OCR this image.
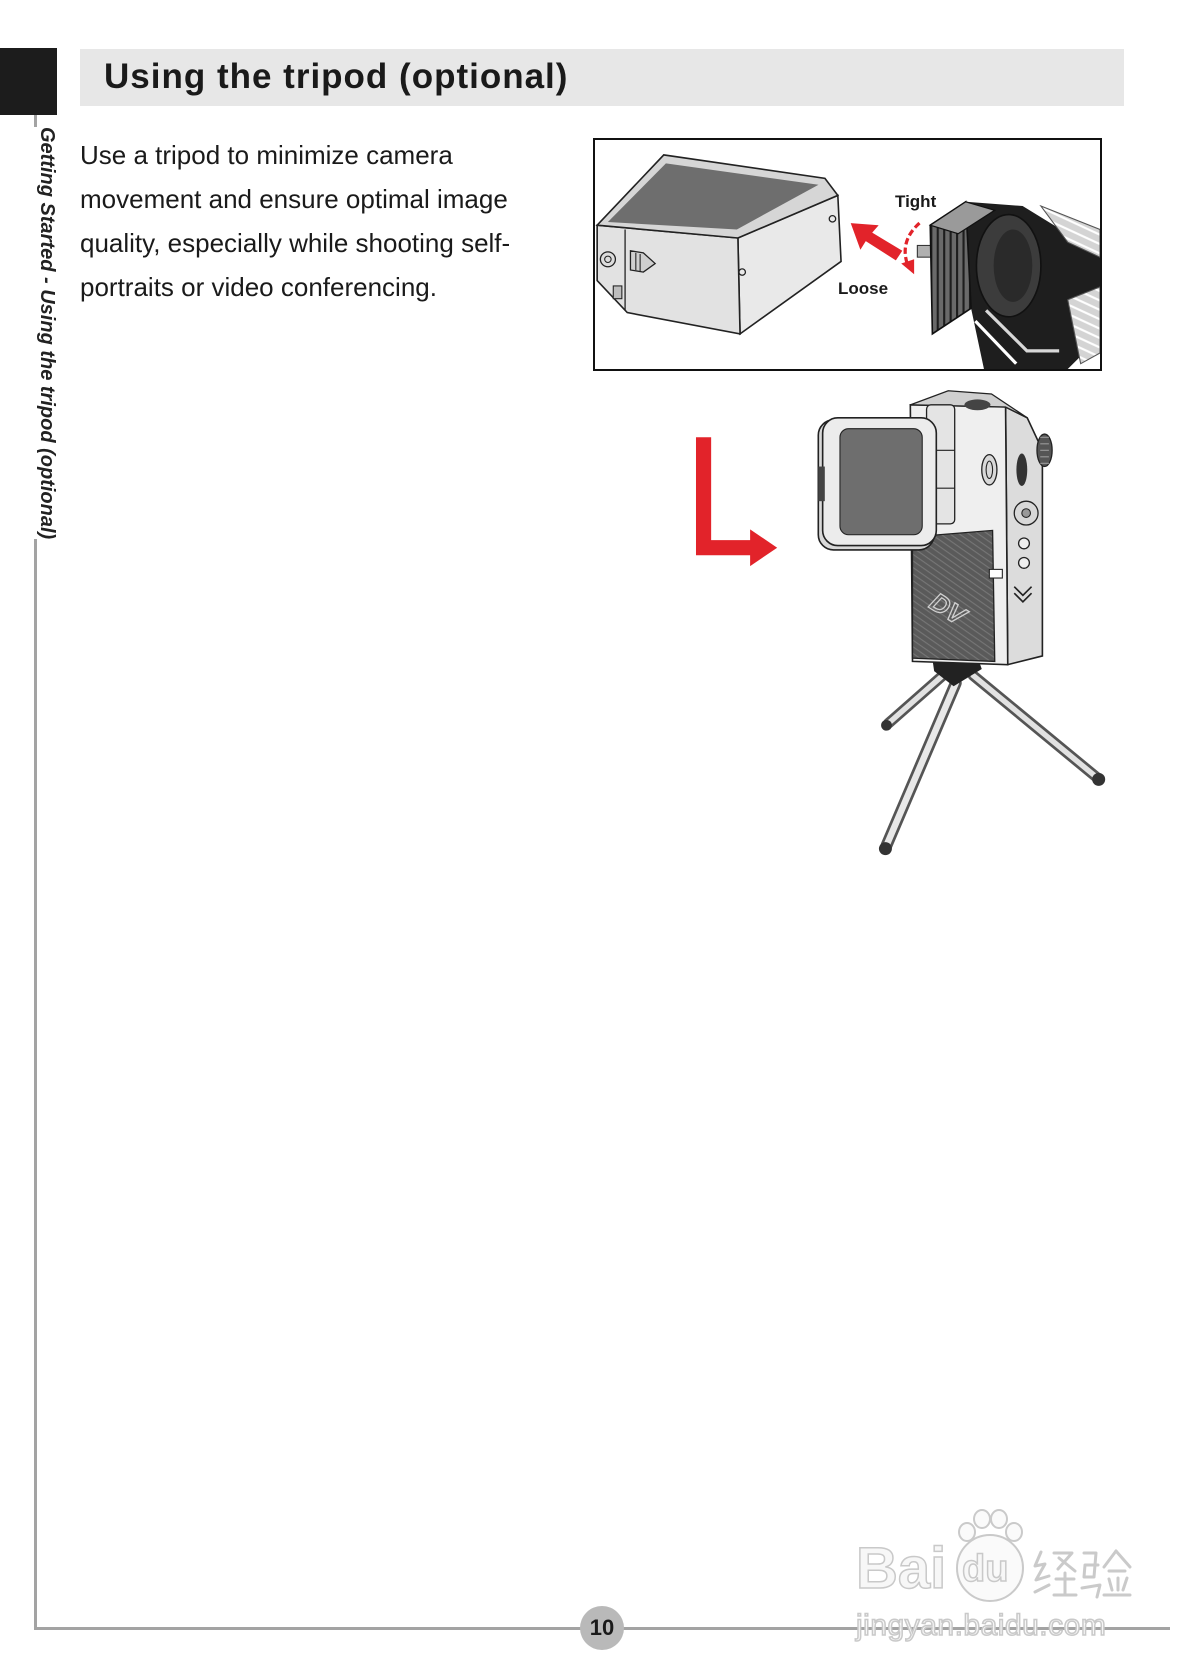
Using the tripod (optional)
Getting Started - Using the tripod (optional) Use a tripod to minimize camera
movement and ensure optimal image
quality, especially while shooting self-
portraits or video conferencing.
Tight
Loose
DV
10
Bai du
jingyan.baidu.com
